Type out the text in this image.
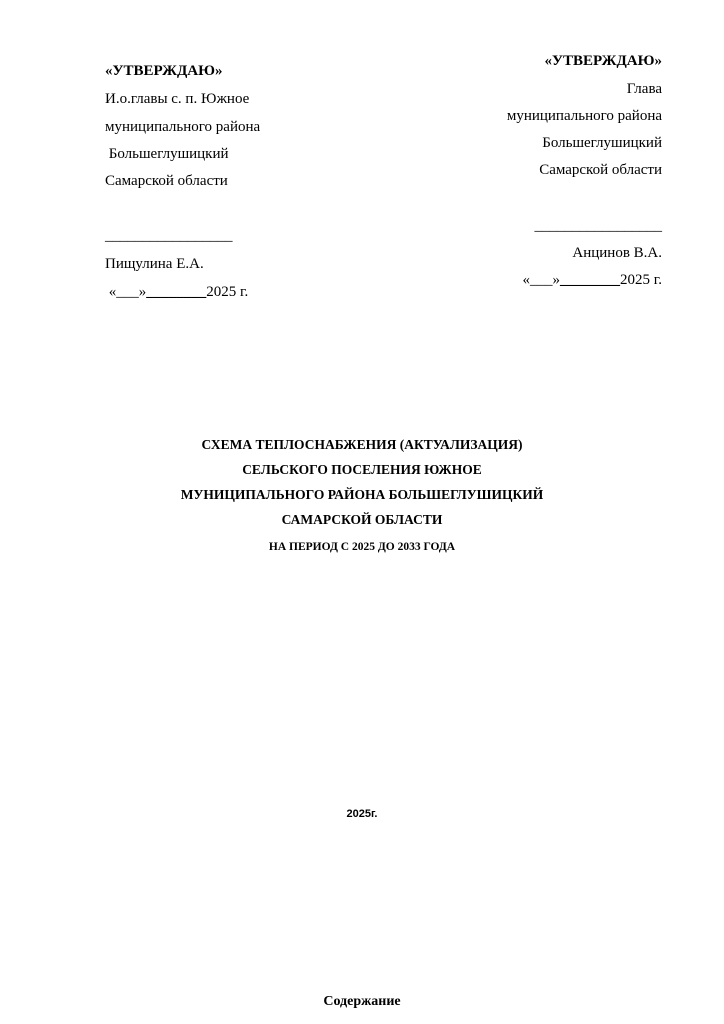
«УТВЕРЖДАЮ»
И.о.главы с. п. Южное
муниципального района
Большеглушицкий
Самарской области
_________________
Пищулина Е.А.
«___»________2025 г.
«УТВЕРЖДАЮ»
Глава
муниципального района
Большеглушицкий
Самарской области
_________________
Анцинов В.А.
«___»________2025 г.
СХЕМА ТЕПЛОСНАБЖЕНИЯ (АКТУАЛИЗАЦИЯ)
СЕЛЬСКОГО ПОСЕЛЕНИЯ ЮЖНОЕ
МУНИЦИПАЛЬНОГО РАЙОНА БОЛЬШЕГЛУШИЦКИЙ
САМАРСКОЙ ОБЛАСТИ
НА ПЕРИОД С 2025 ДО 2033 ГОДА
2025г.
Содержание
